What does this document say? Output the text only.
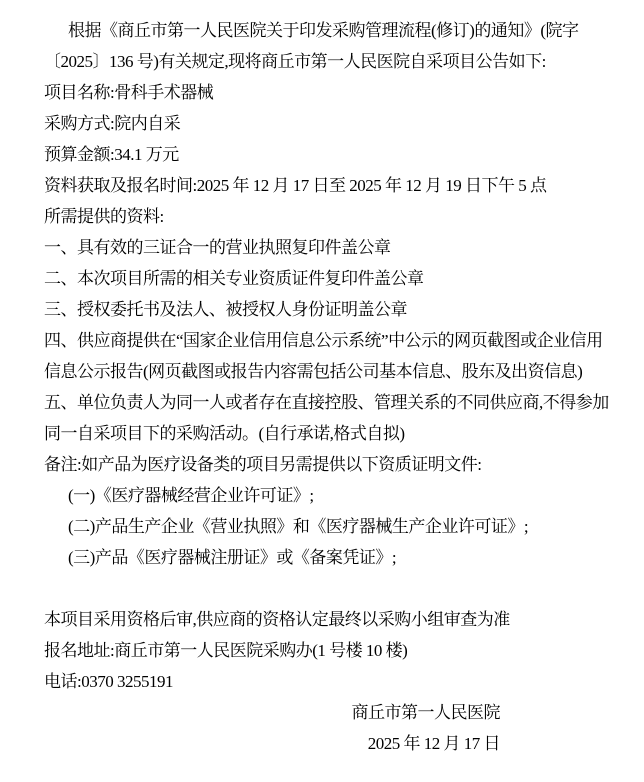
根据《商丘市第一人民医院关于印发采购管理流程(修订)的通知》(院字
〔2025〕136 号)有关规定,现将商丘市第一人民医院自采项目公告如下:
项目名称:骨科手术器械
采购方式:院内自采
预算金额:34.1 万元
资料获取及报名时间:2025 年 12 月 17 日至 2025 年 12 月 19 日下午 5 点
所需提供的资料:
一、具有效的三证合一的营业执照复印件盖公章
二、本次项目所需的相关专业资质证件复印件盖公章
三、授权委托书及法人、被授权人身份证明盖公章
四、供应商提供在“国家企业信用信息公示系统”中公示的网页截图或企业信用
信息公示报告(网页截图或报告内容需包括公司基本信息、股东及出资信息)
五、单位负责人为同一人或者存在直接控股、管理关系的不同供应商,不得参加
同一自采项目下的采购活动。(自行承诺,格式自拟)
备注:如产品为医疗设备类的项目另需提供以下资质证明文件:
(一)《医疗器械经营企业许可证》;
(二)产品生产企业《营业执照》和《医疗器械生产企业许可证》;
(三)产品《医疗器械注册证》或《备案凭证》;
本项目采用资格后审,供应商的资格认定最终以采购小组审查为准
报名地址:商丘市第一人民医院采购办(1 号楼 10 楼)
电话:0370 3255191
商丘市第一人民医院
2025 年 12 月 17 日
